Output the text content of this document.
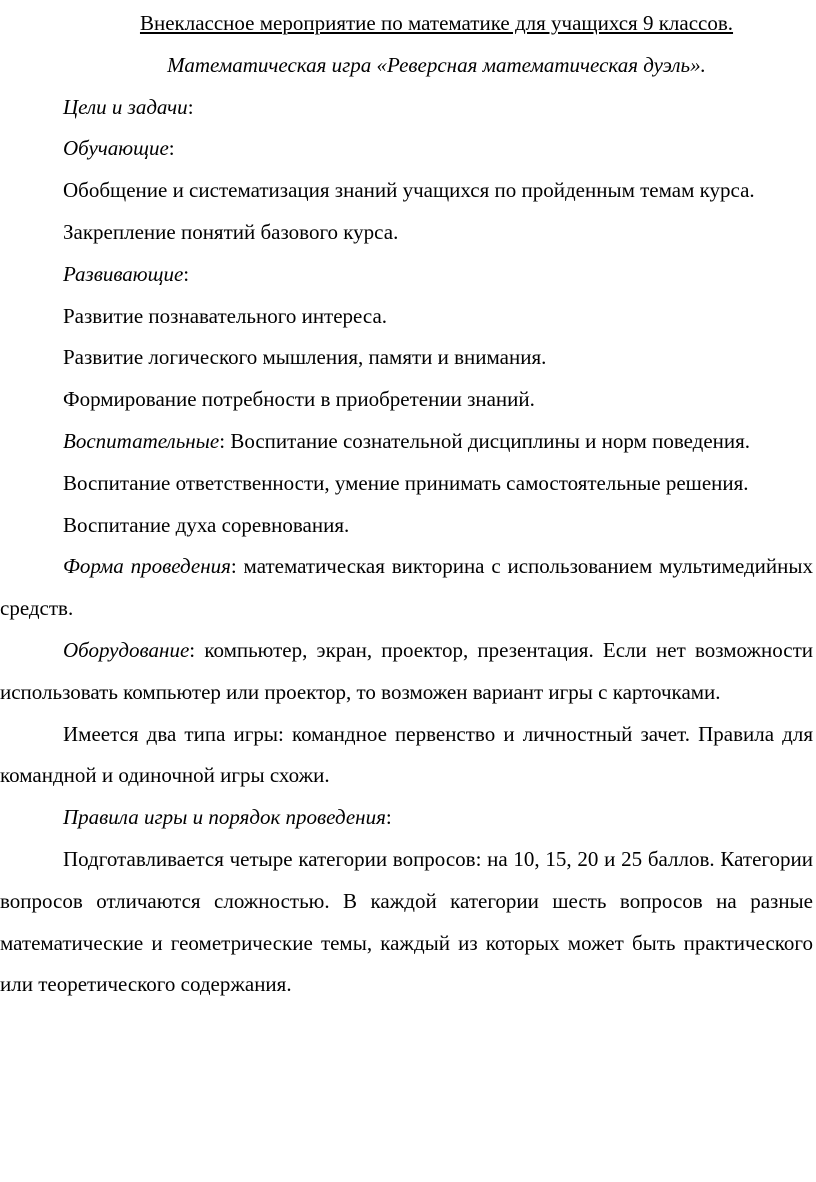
Внеклассное мероприятие по математике для учащихся 9 классов.

Математическая игра «Реверсная математическая дуэль».

Цели и задачи:

Обучающие:

Обобщение и систематизация знаний учащихся по пройденным темам курса.

Закрепление понятий базового курса.

Развивающие:

Развитие познавательного интереса.

Развитие логического мышления, памяти и внимания.

Формирование потребности в приобретении знаний.

Воспитательные: Воспитание сознательной дисциплины и норм поведения.

Воспитание ответственности, умение принимать самостоятельные решения.

Воспитание духа соревнования.

Форма проведения: математическая викторина с использованием мультимедийных средств.

Оборудование: компьютер, экран, проектор, презентация. Если нет возможности использовать компьютер или проектор, то возможен вариант игры с карточками.

Имеется два типа игры: командное первенство и личностный зачет. Правила для командной и одиночной игры схожи.

Правила игры и порядок проведения:

Подготавливается четыре категории вопросов: на 10, 15, 20 и 25 баллов. Категории вопросов отличаются сложностью. В каждой категории шесть вопросов на разные математические и геометрические темы, каждый из которых может быть практического или теоретического содержания.
